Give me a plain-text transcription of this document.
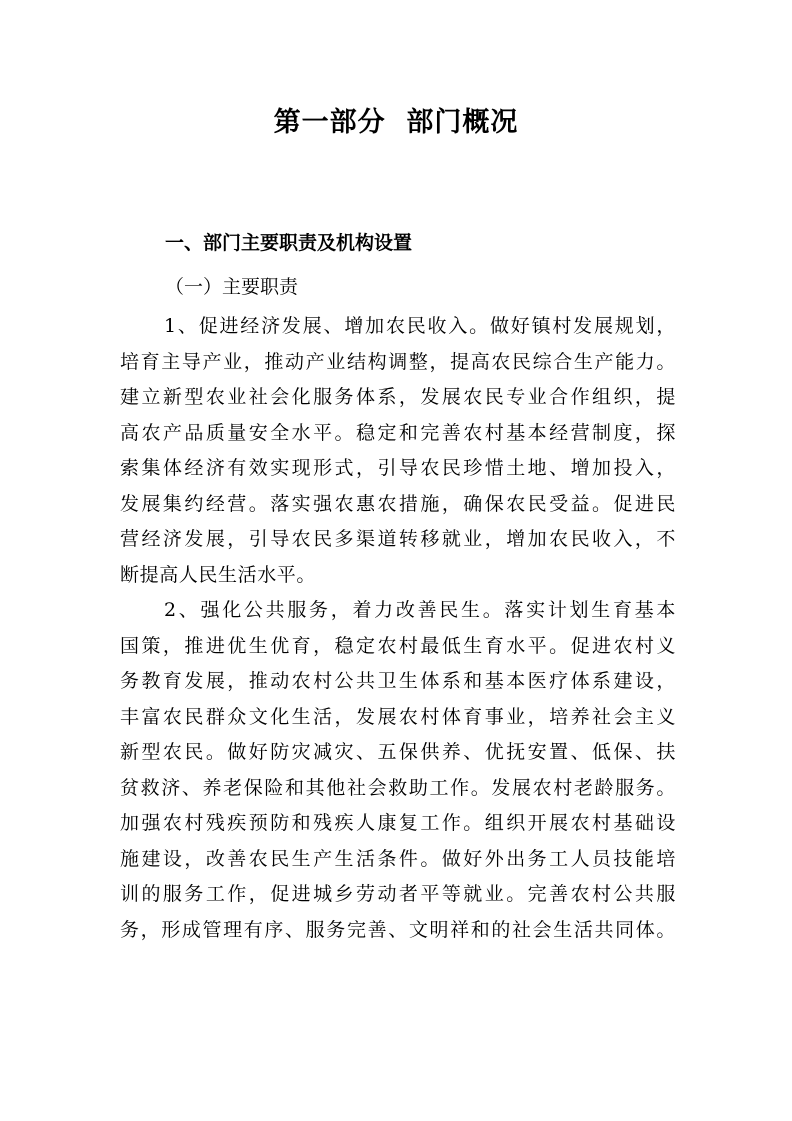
第一部分  部门概况
一、部门主要职责及机构设置
（一）主要职责
1、促进经济发展、增加农民收入。做好镇村发展规划，
培育主导产业，推动产业结构调整，提高农民综合生产能力。
建立新型农业社会化服务体系，发展农民专业合作组织，提
高农产品质量安全水平。稳定和完善农村基本经营制度，探
索集体经济有效实现形式，引导农民珍惜土地、增加投入，
发展集约经营。落实强农惠农措施，确保农民受益。促进民
营经济发展，引导农民多渠道转移就业，增加农民收入，不
断提高人民生活水平。
2、强化公共服务，着力改善民生。落实计划生育基本
国策，推进优生优育，稳定农村最低生育水平。促进农村义
务教育发展，推动农村公共卫生体系和基本医疗体系建设，
丰富农民群众文化生活，发展农村体育事业，培养社会主义
新型农民。做好防灾减灾、五保供养、优抚安置、低保、扶
贫救济、养老保险和其他社会救助工作。发展农村老龄服务。
加强农村残疾预防和残疾人康复工作。组织开展农村基础设
施建设，改善农民生产生活条件。做好外出务工人员技能培
训的服务工作，促进城乡劳动者平等就业。完善农村公共服
务，形成管理有序、服务完善、文明祥和的社会生活共同体。
